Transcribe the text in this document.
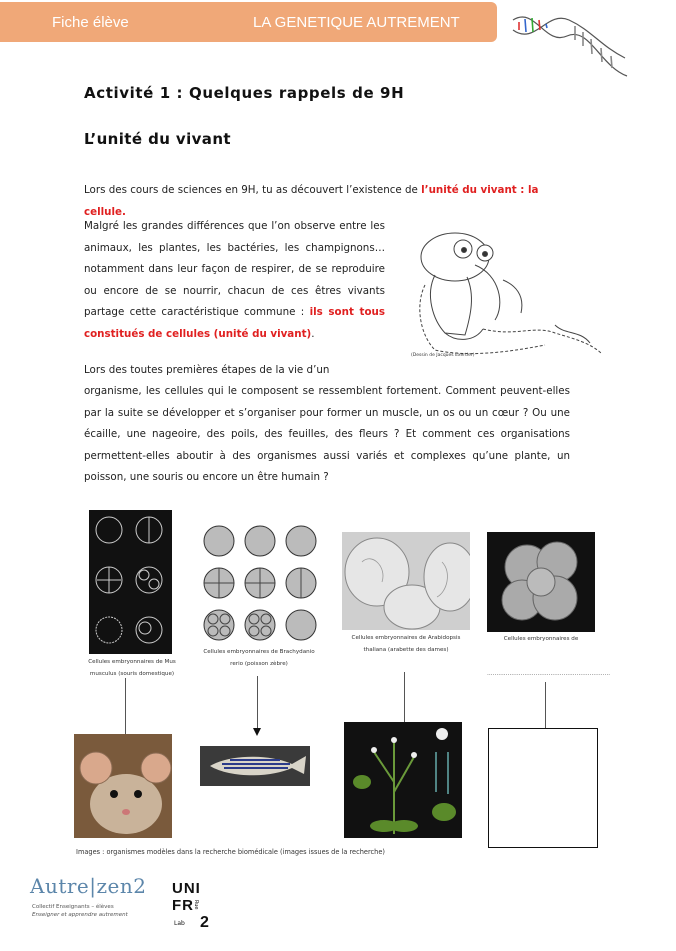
Fiche élève	LA GENETIQUE AUTREMENT
Activité 1 : Quelques rappels de 9H
L’unité du vivant
Lors des cours de sciences en 9H, tu as découvert l’existence de l’unité du vivant : la cellule.
Malgré les grandes différences que l’on observe entre les animaux, les plantes, les bactéries, les champignons… notamment dans leur façon de respirer, de se reproduire ou encore de se nourrir, chacun de ces êtres vivants partage cette caractéristique commune : ils sont tous constitués de cellules (unité du vivant).
Lors des toutes premières étapes de la vie d’un
organisme, les cellules qui le composent se ressemblent fortement. Comment peuvent-elles par la suite se développer et s’organiser pour former un muscle, un os ou un cœur ? Ou une écaille, une nageoire, des poils, des feuilles, des fleurs ? Et comment ces organisations permettent-elles aboutir à des organismes aussi variés et complexes qu’une plante, un poisson, une souris ou encore un être humain ?
(Dessin de Jacques Exertier)
Cellules embryonnaires de Mus musculus (souris domestique)
Cellules embryonnaires de Brachydanio rerio (poisson zèbre)
Cellules embryonnaires de Arabidopsis thaliana (arabette des dames)
Cellules embryonnaires de
…………………………………………………………
Images : organismes modèles dans la recherche biomédicale (images issues de la recherche)
Autre|zen2
Collectif Enseignants – élèves
Enseigner et apprendre autrement
UNI
FR Rue
Lab 2
